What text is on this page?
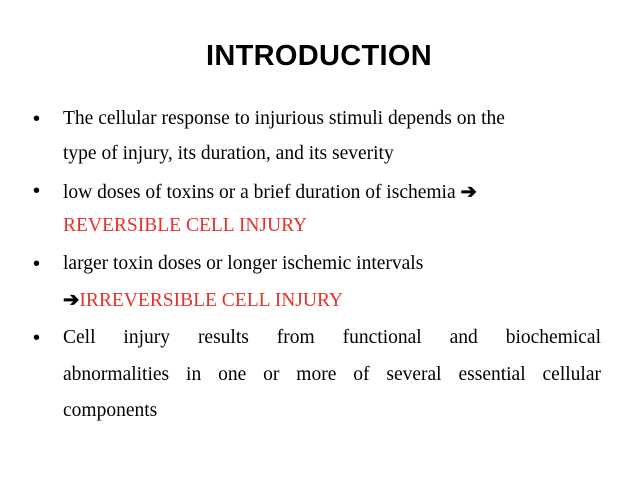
INTRODUCTION
• The cellular response to injurious stimuli depends on the
type of injury, its duration, and its severity
• low doses of toxins or a brief duration of ischemia ➔
REVERSIBLE CELL INJURY
• larger toxin doses or longer ischemic intervals
➔IRREVERSIBLE CELL INJURY
• Cell injury results from functional and biochemical
abnormalities in one or more of several essential cellular
components
